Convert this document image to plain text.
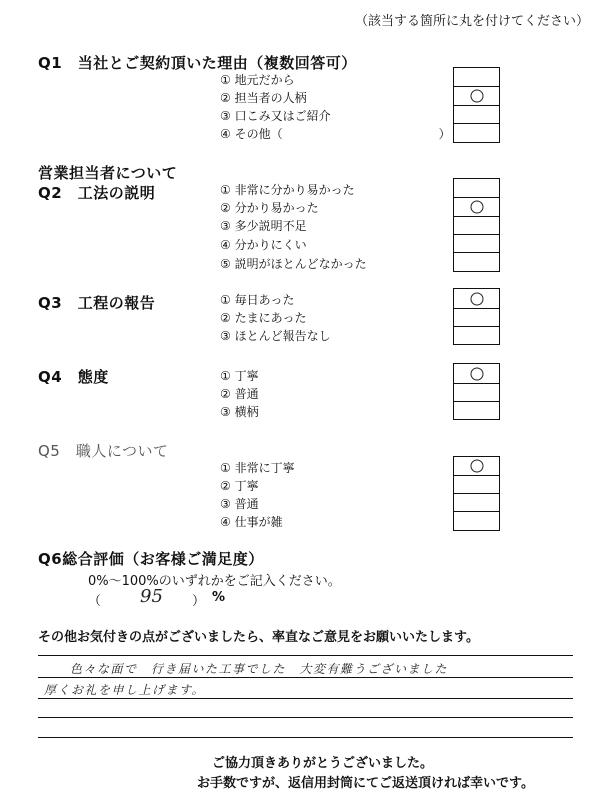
（該当する箇所に丸を付けてください）
Q1　当社とご契約頂いた理由（複数回答可）
① 地元だから
② 担当者の人柄
③ 口こみ又はご紹介
④ その他（　　　　　　　　　　　　　）
営業担当者について
Q2　工法の説明	① 非常に分かり易かった
② 分かり易かった
③ 多少説明不足
④ 分かりにくい
⑤ 説明がほとんどなかった
Q3　工程の報告	① 毎日あった
② たまにあった
③ ほとんど報告なし
Q4　態度	① 丁寧
② 普通
③ 横柄
Q5　職人について
① 非常に丁寧
② 丁寧
③ 普通
④ 仕事が雑
Q6総合評価（お客様ご満足度）
0%～100%のいずれかをご記入ください。
（ 95 ） %
その他お気付きの点がございましたら、率直なご意見をお願いいたします。
色々な面で　行き届いた工事でした　大変有難うございました
厚くお礼を申し上げます。
ご協力頂きありがとうございました。
お手数ですが、返信用封筒にてご返送頂ければ幸いです。
